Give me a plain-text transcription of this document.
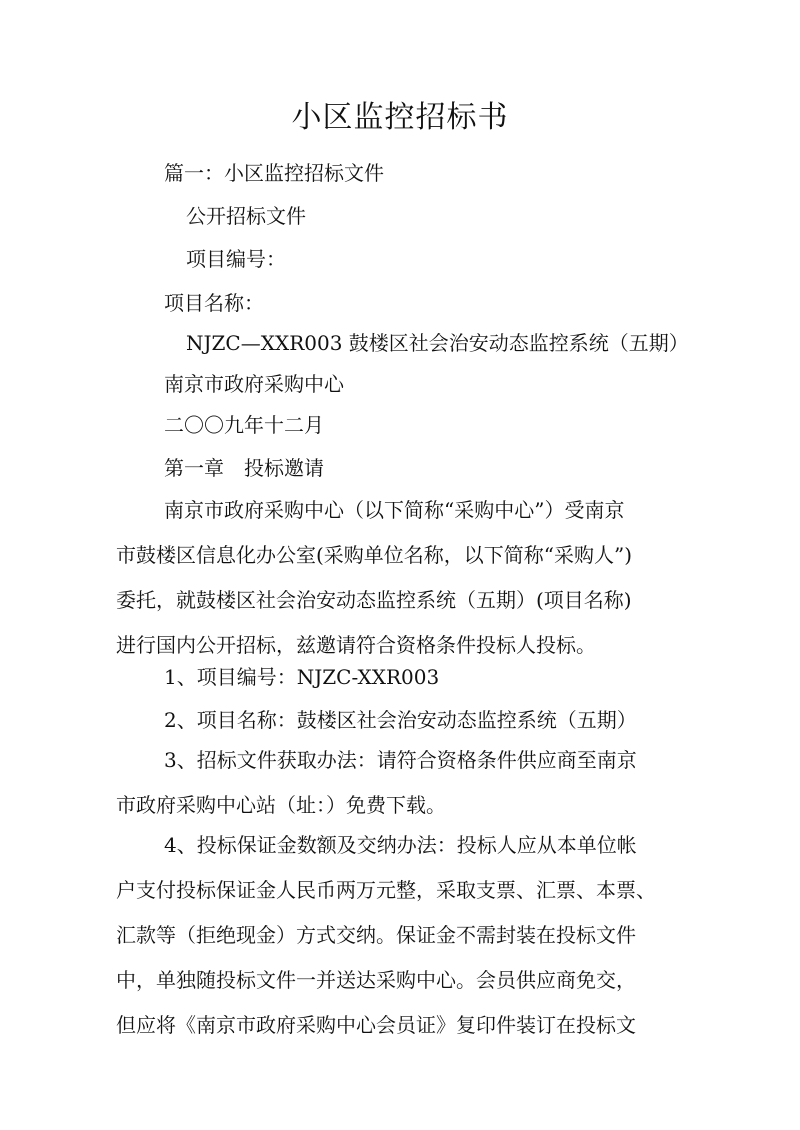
小区监控招标书

篇一：小区监控招标文件

公开招标文件

项目编号：

项目名称：

NJZC—XXR003 鼓楼区社会治安动态监控系统（五期）

南京市政府采购中心

二〇〇九年十二月

第一章　投标邀请

南京市政府采购中心（以下简称“采购中心”）受南京
市鼓楼区信息化办公室(采购单位名称，以下简称“采购人”)
委托，就鼓楼区社会治安动态监控系统（五期）(项目名称)
进行国内公开招标，兹邀请符合资格条件投标人投标。

1、项目编号：NJZC-XXR003

2、项目名称：鼓楼区社会治安动态监控系统（五期）

3、招标文件获取办法：请符合资格条件供应商至南京
市政府采购中心站（址：）免费下载。
4、投标保证金数额及交纳办法：投标人应从本单位帐
户支付投标保证金人民币两万元整，采取支票、汇票、本票、
汇款等（拒绝现金）方式交纳。保证金不需封装在投标文件
中，单独随投标文件一并送达采购中心。会员供应商免交，
但应将《南京市政府采购中心会员证》复印件装订在投标文
